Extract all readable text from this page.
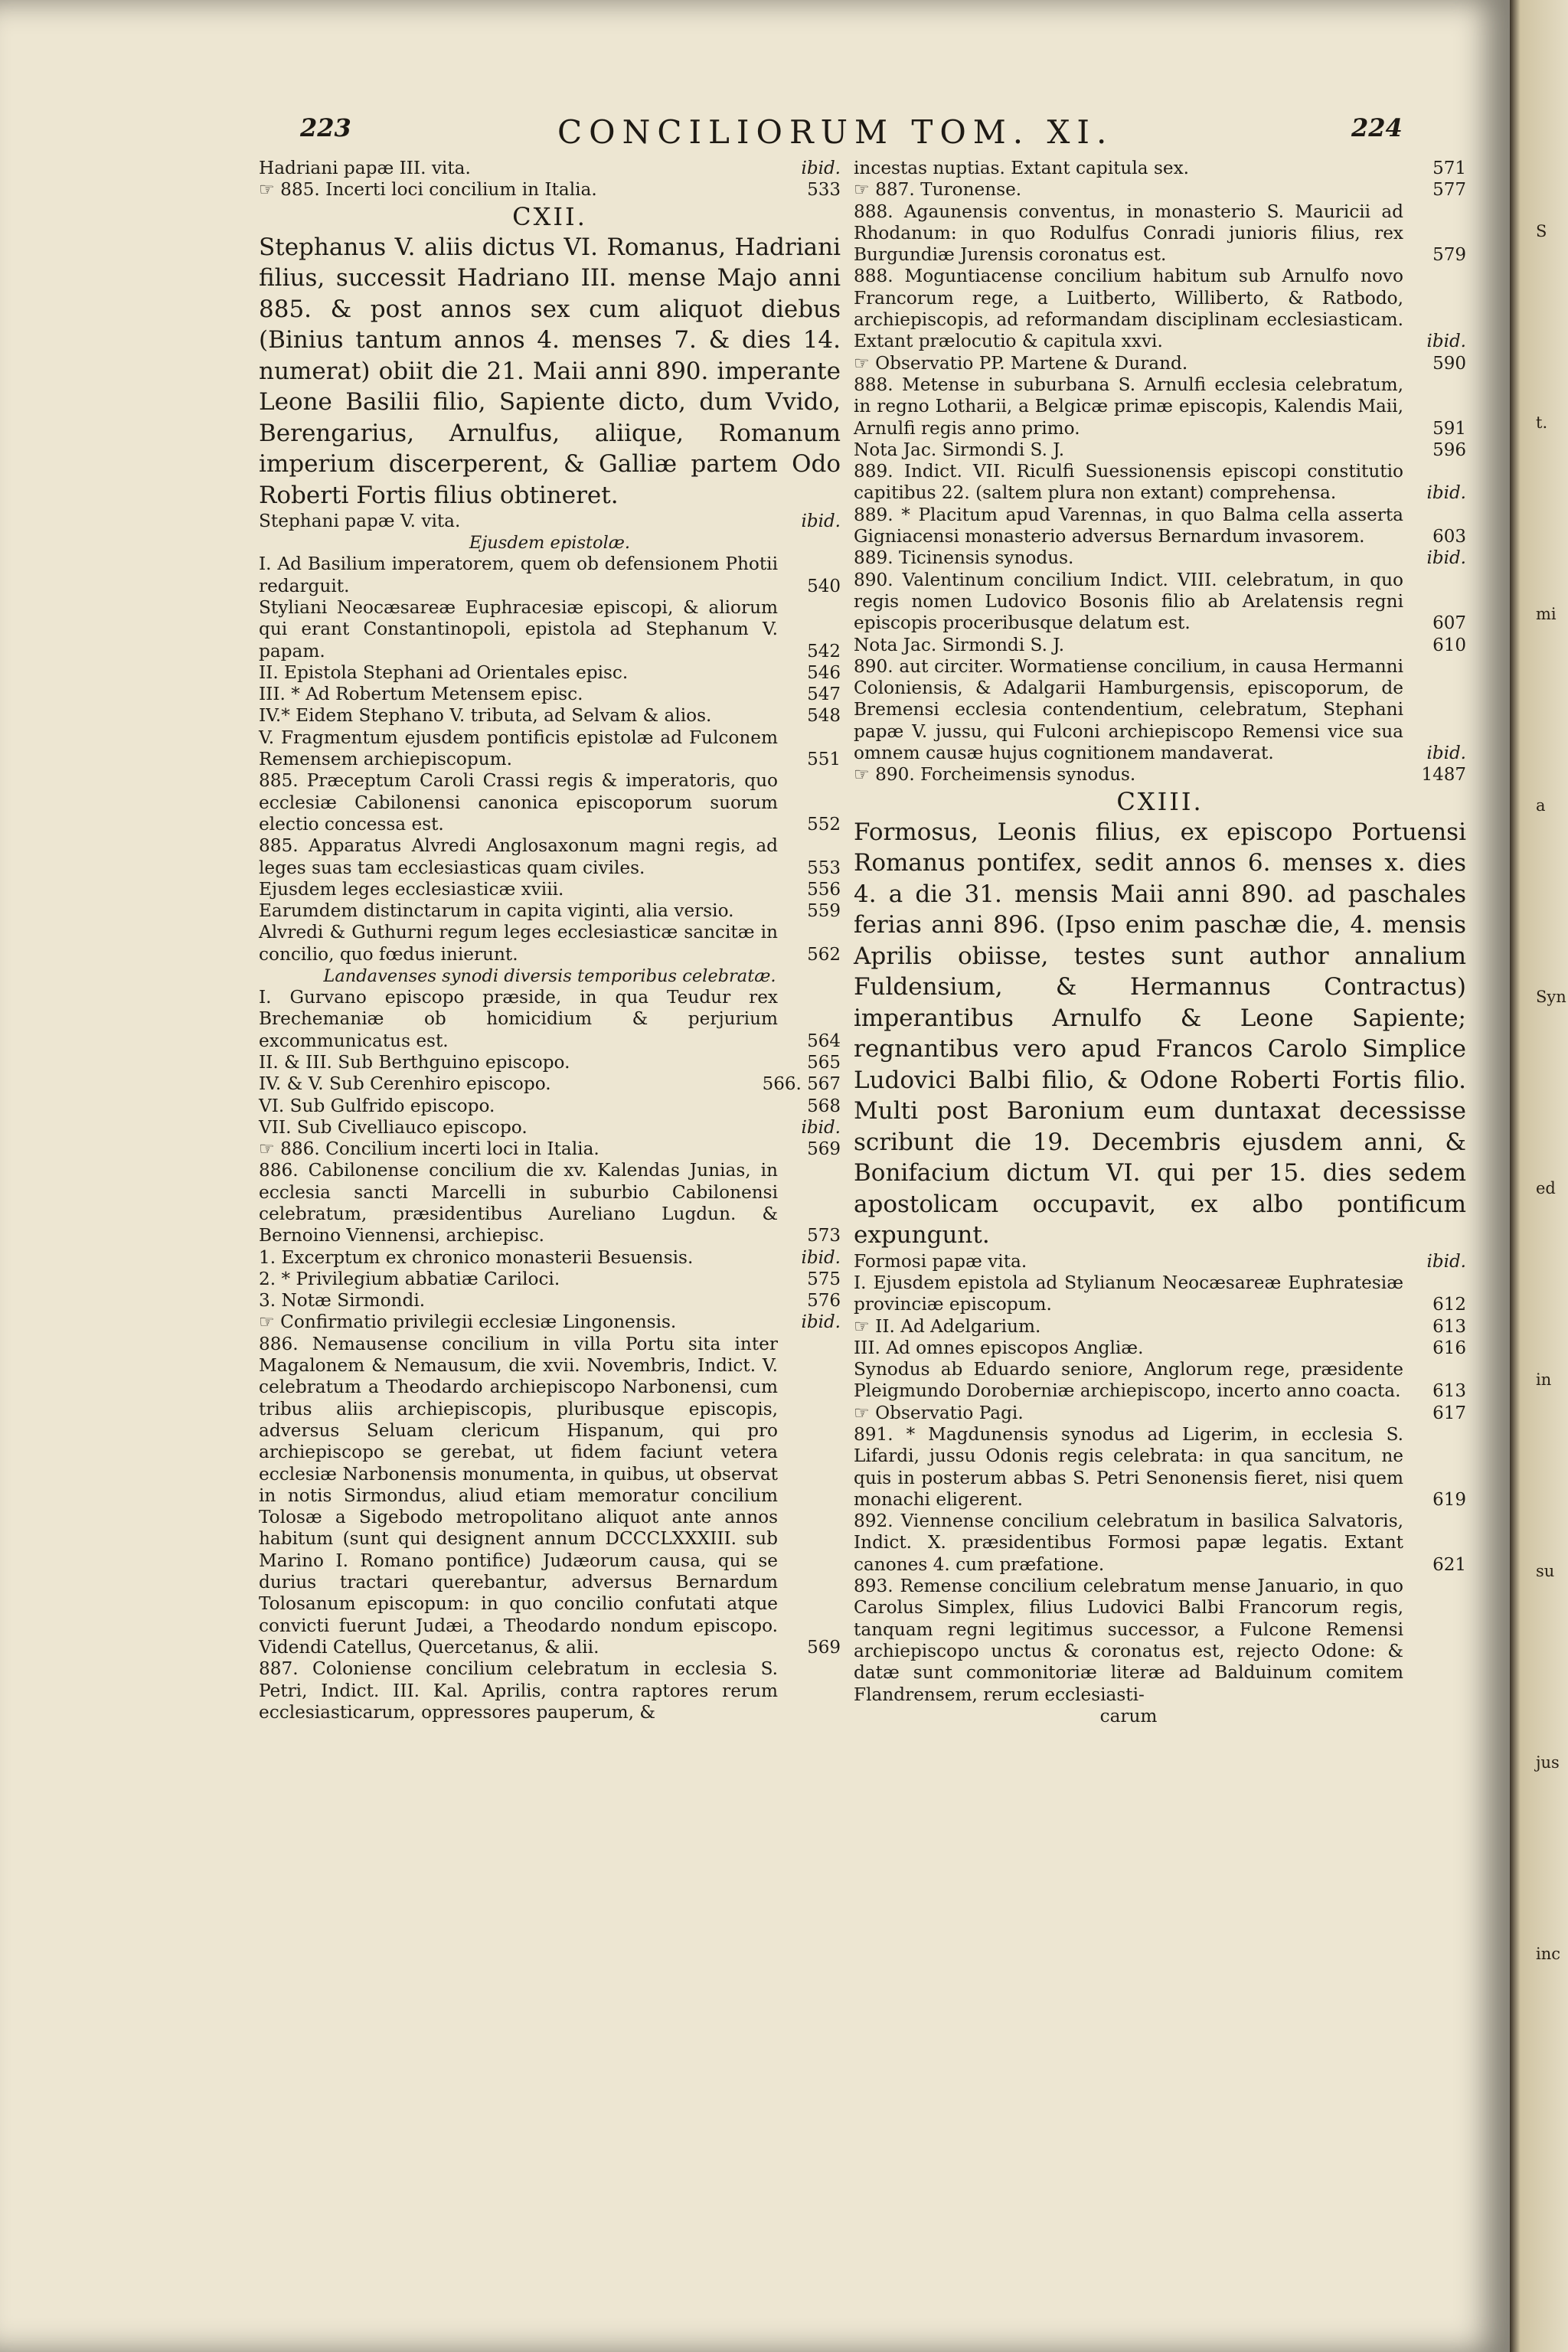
223	CONCILIORUM TOM. XI.	224

Hadriani papæ III. vita.	ibid.

☞ 885. Incerti loci concilium in Italia.	533

CXII.

Stephanus V. aliis dictus VI. Romanus, Hadriani filius, successit Hadriano III. mense Majo anni 885. & post annos sex cum aliquot diebus (Binius tantum annos 4. menses 7. & dies 14. numerat) obiit die 21. Maii anni 890. imperante Leone Basilii filio, Sapiente dicto, dum Vvido, Berengarius, Arnulfus, aliique, Romanum imperium discerperent, & Galliæ partem Odo Roberti Fortis filius obtineret.

Stephani papæ V. vita.	ibid.

Ejusdem epistolæ.

I. Ad Basilium imperatorem, quem ob defensionem Photii redarguit.	540

Styliani Neocæsareæ Euphracesiæ episcopi, & aliorum qui erant Constantinopoli, epistola ad Stephanum V. papam.	542

II. Epistola Stephani ad Orientales episc.	546

III. * Ad Robertum Metensem episc.	547

IV.* Eidem Stephano V. tributa, ad Selvam & alios.	548

V. Fragmentum ejusdem pontificis epistolæ ad Fulconem Remensem archiepiscopum.	551

885. Præceptum Caroli Crassi regis & imperatoris, quo ecclesiæ Cabilonensi canonica episcoporum suorum electio concessa est.	552

885. Apparatus Alvredi Anglosaxonum magni regis, ad leges suas tam ecclesiasticas quam civiles.	553

Ejusdem leges ecclesiasticæ xviii.	556

Earumdem distinctarum in capita viginti, alia versio.	559

Alvredi & Guthurni regum leges ecclesiasticæ sancitæ in concilio, quo fœdus inierunt.	562

Landavenses synodi diversis temporibus celebratæ.

I. Gurvano episcopo præside, in qua Teudur rex Brechemaniæ ob homicidium & perjurium excommunicatus est.	564

II. & III. Sub Berthguino episcopo.	565

IV. & V. Sub Cerenhiro episcopo.	566. 567

VI. Sub Gulfrido episcopo.	568

VII. Sub Civelliauco episcopo.	ibid.

☞ 886. Concilium incerti loci in Italia.	569

886. Cabilonense concilium die xv. Kalendas Junias, in ecclesia sancti Marcelli in suburbio Cabilonensi celebratum, præsidentibus Aureliano Lugdun. & Bernoino Viennensi, archiepisc.	573

1. Excerptum ex chronico monasterii Besuensis.	ibid.

2. * Privilegium abbatiæ Cariloci.	575

3. Notæ Sirmondi.	576

☞ Confirmatio privilegii ecclesiæ Lingonensis.	ibid.

886. Nemausense concilium in villa Portu sita inter Magalonem & Nemausum, die xvii. Novembris, Indict. V. celebratum a Theodardo archiepiscopo Narbonensi, cum tribus aliis archiepiscopis, pluribusque episcopis, adversus Seluam clericum Hispanum, qui pro archiepiscopo se gerebat, ut fidem faciunt vetera ecclesiæ Narbonensis monumenta, in quibus, ut observat in notis Sirmondus, aliud etiam memoratur concilium Tolosæ a Sigebodo metropolitano aliquot ante annos habitum (sunt qui designent annum DCCCLXXXIII. sub Marino I. Romano pontifice) Judæorum causa, qui se durius tractari querebantur, adversus Bernardum Tolosanum episcopum: in quo concilio confutati atque convicti fuerunt Judæi, a Theodardo nondum episcopo. Videndi Catellus, Quercetanus, & alii.	569

887. Coloniense concilium celebratum in ecclesia S. Petri, Indict. III. Kal. Aprilis, contra raptores rerum ecclesiasticarum, oppressores pauperum, &

incestas nuptias. Extant capitula sex.	571

☞ 887. Turonense.	577

888. Agaunensis conventus, in monasterio S. Mauricii ad Rhodanum: in quo Rodulfus Conradi junioris filius, rex Burgundiæ Jurensis coronatus est.	579

888. Moguntiacense concilium habitum sub Arnulfo novo Francorum rege, a Luitberto, Williberto, & Ratbodo, archiepiscopis, ad reformandam disciplinam ecclesiasticam. Extant prælocutio & capitula xxvi.	ibid.

☞ Observatio PP. Martene & Durand.	590

888. Metense in suburbana S. Arnulfi ecclesia celebratum, in regno Lotharii, a Belgicæ primæ episcopis, Kalendis Maii, Arnulfi regis anno primo.	591

Nota Jac. Sirmondi S. J.	596

889. Indict. VII. Riculfi Suessionensis episcopi constitutio capitibus 22. (saltem plura non extant) comprehensa.	ibid.

889. * Placitum apud Varennas, in quo Balma cella asserta Gigniacensi monasterio adversus Bernardum invasorem.	603

889. Ticinensis synodus.	ibid.

890. Valentinum concilium Indict. VIII. celebratum, in quo regis nomen Ludovico Bosonis filio ab Arelatensis regni episcopis proceribusque delatum est.	607

Nota Jac. Sirmondi S. J.	610

890. aut circiter. Wormatiense concilium, in causa Hermanni Coloniensis, & Adalgarii Hamburgensis, episcoporum, de Bremensi ecclesia contendentium, celebratum, Stephani papæ V. jussu, qui Fulconi archiepiscopo Remensi vice sua omnem causæ hujus cognitionem mandaverat.	ibid.

☞ 890. Forcheimensis synodus.	1487

CXIII.

Formosus, Leonis filius, ex episcopo Portuensi Romanus pontifex, sedit annos 6. menses x. dies 4. a die 31. mensis Maii anni 890. ad paschales ferias anni 896. (Ipso enim paschæ die, 4. mensis Aprilis obiisse, testes sunt author annalium Fuldensium, & Hermannus Contractus) imperantibus Arnulfo & Leone Sapiente; regnantibus vero apud Francos Carolo Simplice Ludovici Balbi filio, & Odone Roberti Fortis filio. Multi post Baronium eum duntaxat decessisse scribunt die 19. Decembris ejusdem anni, & Bonifacium dictum VI. qui per 15. dies sedem apostolicam occupavit, ex albo pontificum expungunt.

Formosi papæ vita.	ibid.

I. Ejusdem epistola ad Stylianum Neocæsareæ Euphratesiæ provinciæ episcopum.	612

☞ II. Ad Adelgarium.	613

III. Ad omnes episcopos Angliæ.	616

Synodus ab Eduardo seniore, Anglorum rege, præsidente Pleigmundo Doroberniæ archiepiscopo, incerto anno coacta. 613

☞ Observatio Pagi.	617

891. * Magdunensis synodus ad Ligerim, in ecclesia S. Lifardi, jussu Odonis regis celebrata: in qua sancitum, ne quis in posterum abbas S. Petri Senonensis fieret, nisi quem monachi eligerent.	619

892. Viennense concilium celebratum in basilica Salvatoris, Indict. X. præsidentibus Formosi papæ legatis. Extant canones 4. cum præfatione.	621

893. Remense concilium celebratum mense Januario, in quo Carolus Simplex, filius Ludovici Balbi Francorum regis, tanquam regni legitimus successor, a Fulcone Remensi archiepiscopo unctus & coronatus est, rejecto Odone: & datæ sunt commonitoriæ literæ ad Balduinum comitem Flandrensem, rerum ecclesiasti-

carum

S
t.
mi
a
Syn
ed
in
su
jus
inc
